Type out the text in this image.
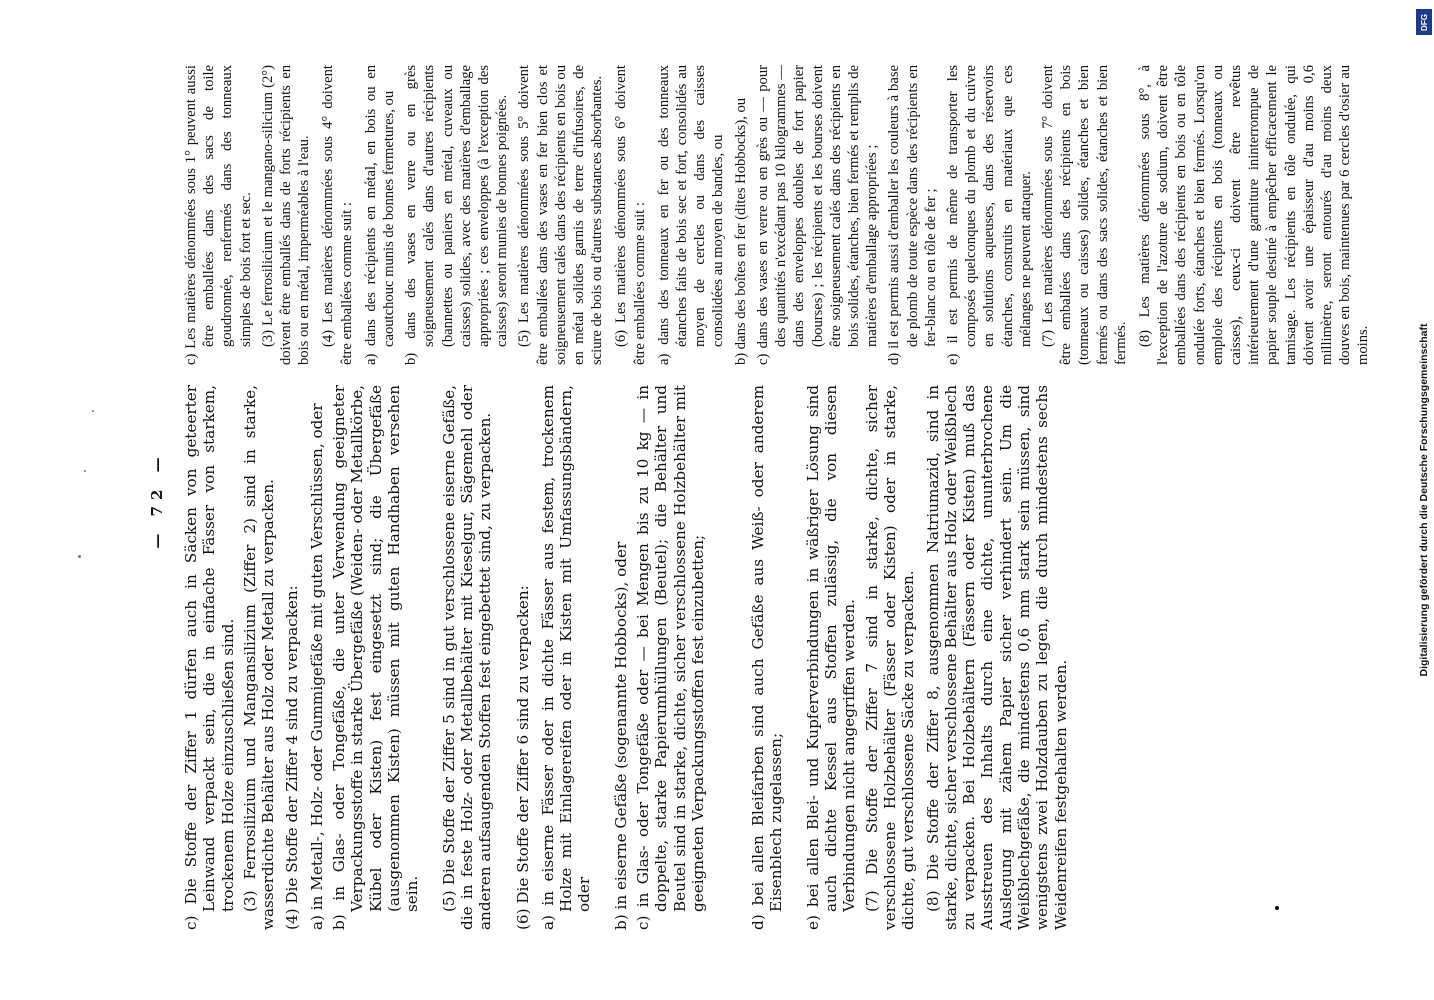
— 72 — c) Die Stoffe der Ziffer 1 dürfen auch in Säcken von geteerter Leinwand verpackt sein, die in einfache Fässer von starkem, trockenem Holze einzuschließen sind. (3) Ferrosilizium und Mangansilizium (Ziffer 2) sind in starke, wasserdichte Behälter aus Holz oder Metall zu verpacken. (4) Die Stoffe der Ziffer 4 sind zu verpacken: a) in Metall-, Holz- oder Gummigefäße mit guten Verschlüssen, oder b) in Glas- oder Tongefäße, die unter Verwendung geeigneter Verpackungsstoffe in starke Übergefäße (Weiden- oder Metallkörbe, Kübel oder Kisten) fest eingesetzt sind; die Übergefäße (ausgenommen Kisten) müssen mit guten Handhaben versehen sein. (5) Die Stoffe der Ziffer 5 sind in gut verschlossene eiserne Gefäße, die in feste Holz- oder Metallbehälter mit Kieselgur, Sägemehl oder anderen aufsaugenden Stoffen fest eingebettet sind, zu verpacken. (6) Die Stoffe der Ziffer 6 sind zu verpacken: a) in eiserne Fässer oder in dichte Fässer aus festem, trockenem Holze mit Einlagereifen oder in Kisten mit Umfassungsbändern, oder b) in eiserne Gefäße (sogenannte Hobbocks), oder c) in Glas- oder Tongefäße oder — bei Mengen bis zu 10 kg — in doppelte, starke Papierumhüllungen (Beutel); die Behälter und Beutel sind in starke, dichte, sicher verschlossene Holzbehälter mit geeigneten Verpackungsstoffen fest einzubetten;	d) bei allen Bleifarben sind auch Gefäße aus Weiß- oder anderem Eisenblech zugelassen; e) bei allen Blei- und Kupferverbindungen in wäßriger Lösung sind auch dichte Kessel aus Stoffen zulässig, die von diesen Verbindungen nicht angegriffen werden. (7) Die Stoffe der Ziffer 7 sind in starke, dichte, sicher verschlossene Holzbehälter (Fässer oder Kisten) oder in starke, dichte, gut verschlossene Säcke zu verpacken. (8) Die Stoffe der Ziffer 8, ausgenommen Natriumazid, sind in starke, dichte, sicher verschlossene Behälter aus Holz oder Weißblech zu verpacken. Bei Holzbehältern (Fässern oder Kisten) muß das Ausstreuen des Inhalts durch eine dichte, ununterbrochene Auslegung mit zähem Papier sicher verhindert sein. Um die Weißblechgefäße, die mindestens 0,6 mm stark sein müssen, sind wenigstens zwei Holzdauben zu legen, die durch mindestens sechs Weidenreifen festgehalten werden.

c) Les matières dénommées sous 1° peuvent aussi être emballées dans des sacs de toile goudronnée, renfermés dans des tonneaux simples de bois fort et sec. (3) Le ferrosilicium et le mangano-silicium (2°) doivent être emballés dans de forts récipients en bois ou en métal, imperméables à l'eau. (4) Les matières dénommées sous 4° doivent être emballées comme suit : a) dans des récipients en métal, en bois ou en caoutchouc munis de bonnes fermetures, ou b) dans des vases en verre ou en grès soigneusement calés dans d'autres récipients (bannettes ou paniers en métal, cuveaux ou caisses) solides, avec des matières d'emballage appropriées ; ces enveloppes (à l'exception des caisses) seront munies de bonnes poignées. (5) Les matières dénommées sous 5° doivent être emballées dans des vases en fer bien clos et soigneusement calés dans des récipients en bois ou en métal solides garnis de terre d'infusoires, de sciure de bois ou d'autres substances absorbantes. (6) Les matières dénommées sous 6° doivent être emballées comme suit : a) dans des tonneaux en fer ou des tonneaux étanches faits de bois sec et fort, consolidés au moyen de cercles ou dans des caisses consolidées au moyen de bandes, ou b) dans des boîtes en fer (dites Hobbocks), ou c) dans des vases en verre ou en grès ou — pour des quantités n'excédant pas 10 kilogrammes — dans des enveloppes doubles de fort papier (bourses) ; les récipients et les bourses doivent être soigneusement calés dans des récipients en bois solides, étanches, bien fermés et remplis de matières d'emballage appropriées ; d) il est permis aussi d'emballer les couleurs à base de plomb de toute espèce dans des récipients en fer-blanc ou en tôle de fer ; e) il est permis de même de transporter les composés quelconques du plomb et du cuivre en solutions aqueuses, dans des réservoirs étanches, construits en matériaux que ces mélanges ne peuvent attaquer. (7) Les matières dénommées sous 7° doivent être emballées dans des récipients en bois (tonneaux ou caisses) solides, étanches et bien fermés ou dans des sacs solides, étanches et bien fermés. (8) Les matières dénommées sous 8°, à l'exception de l'azoture de sodium, doivent être emballées dans des récipients en bois ou en tôle ondulée forts, étanches et bien fermés. Lorsqu'on emploie des récipients en bois (tonneaux ou caisses), ceux-ci doivent être revêtus intérieurement d'une garniture ininterrompue de papier souple destiné à empêcher efficacement le tamisage. Les récipients en tôle ondulée, qui doivent avoir une épaisseur d'au moins 0,6 millimètre, seront entourés d'au moins deux douves en bois, maintenues par 6 cercles d'osier au moins.

DFG
Digitalisierung gefördert durch die Deutsche Forschungsgemeinschaft
